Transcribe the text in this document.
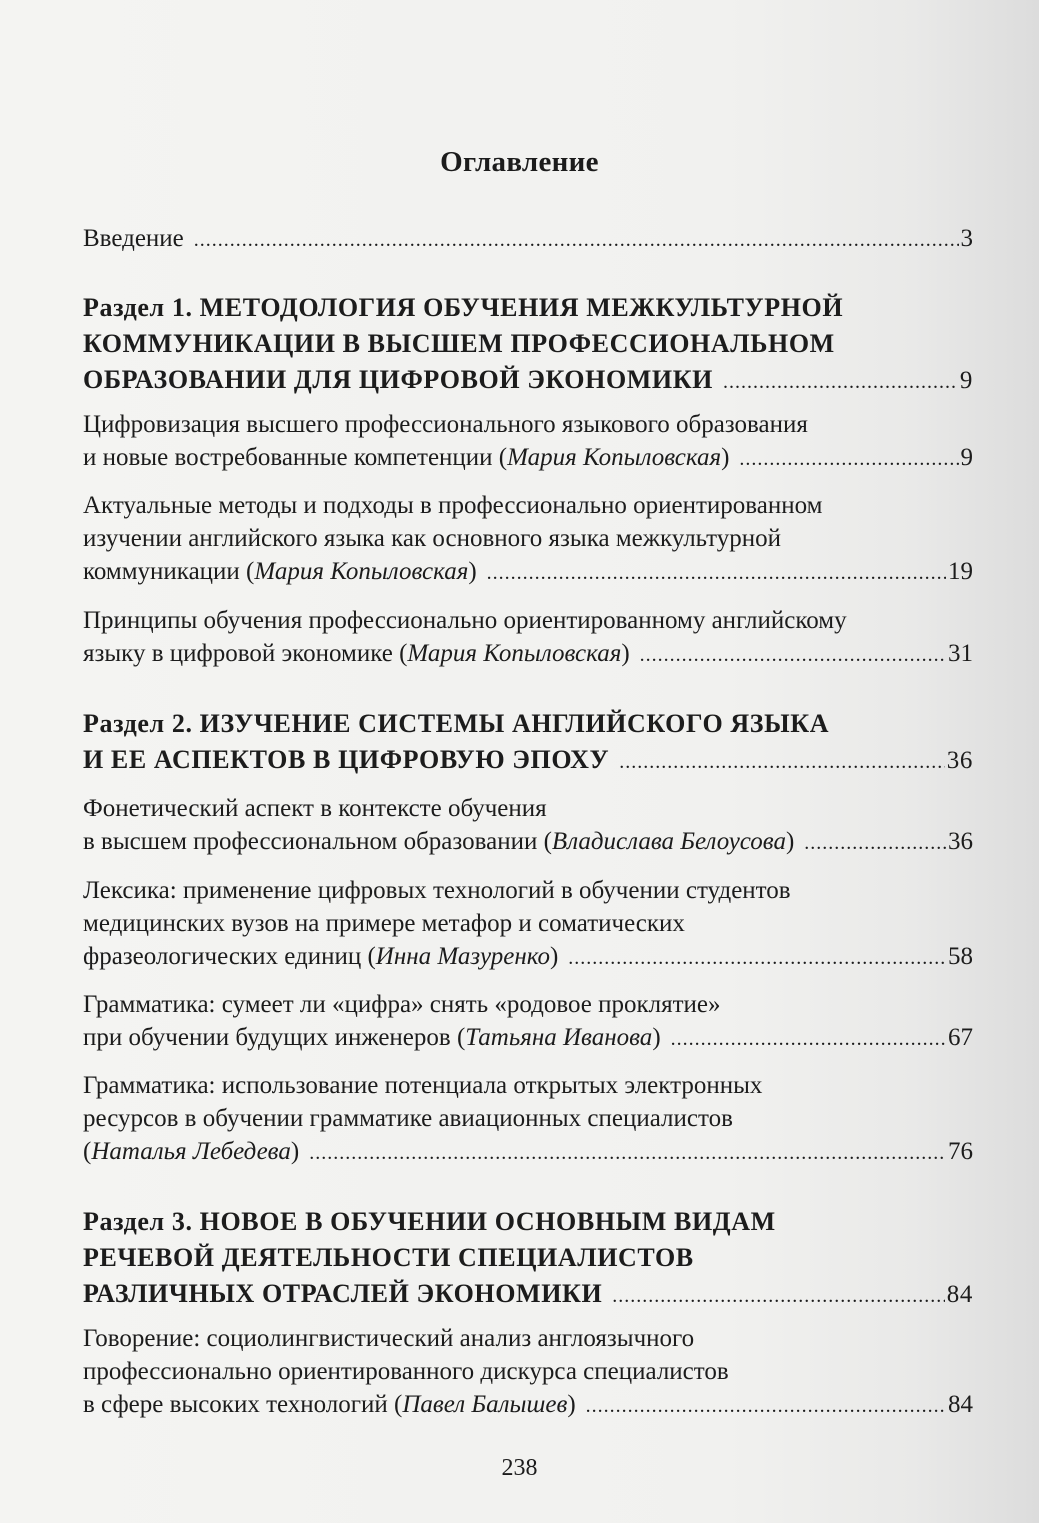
Оглавление
Введение .....	3
Раздел 1. МЕТОДОЛОГИЯ ОБУЧЕНИЯ МЕЖКУЛЬТУРНОЙ
КОММУНИКАЦИИ В ВЫСШЕМ ПРОФЕССИОНАЛЬНОМ
ОБРАЗОВАНИИ ДЛЯ ЦИФРОВОЙ ЭКОНОМИКИ .....	9
Цифровизация высшего профессионального языкового образования
и новые востребованные компетенции (Мария Копыловская) .....	9
Актуальные методы и подходы в профессионально ориентированном
изучении английского языка как основного языка межкультурной
коммуникации (Мария Копыловская) .....	19
Принципы обучения профессионально ориентированному английскому
языку в цифровой экономике (Мария Копыловская) .....	31
Раздел 2. ИЗУЧЕНИЕ СИСТЕМЫ АНГЛИЙСКОГО ЯЗЫКА
И ЕЕ АСПЕКТОВ В ЦИФРОВУЮ ЭПОХУ .....	36
Фонетический аспект в контексте обучения
в высшем профессиональном образовании (Владислава Белоусова) .....	36
Лексика: применение цифровых технологий в обучении студентов
медицинских вузов на примере метафор и соматических
фразеологических единиц (Инна Мазуренко) .....	58
Грамматика: сумеет ли «цифра» снять «родовое проклятие»
при обучении будущих инженеров (Татьяна Иванова) .....	67
Грамматика: использование потенциала открытых электронных
ресурсов в обучении грамматике авиационных специалистов
(Наталья Лебедева) .....	76
Раздел 3. НОВОЕ В ОБУЧЕНИИ ОСНОВНЫМ ВИДАМ
РЕЧЕВОЙ ДЕЯТЕЛЬНОСТИ СПЕЦИАЛИСТОВ
РАЗЛИЧНЫХ ОТРАСЛЕЙ ЭКОНОМИКИ .....	84
Говорение: социолингвистический анализ англоязычного
профессионально ориентированного дискурса специалистов
в сфере высоких технологий (Павел Балышев) .....	84
238
